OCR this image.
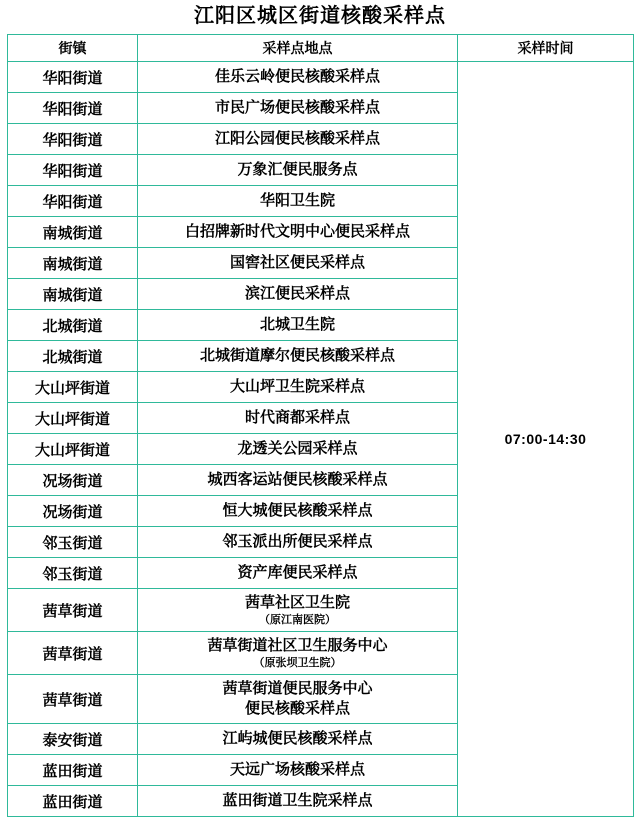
江阳区城区街道核酸采样点
街镇	采样点地点	采样时间
华阳街道	佳乐云岭便民核酸采样点	07:00-14:30
华阳街道	市民广场便民核酸采样点	

华阳街道	江阳公园便民核酸采样点	

华阳街道	万象汇便民服务点	

华阳街道	华阳卫生院	

南城街道	白招牌新时代文明中心便民采样点	

南城街道	国窖社区便民采样点	

南城街道	滨江便民采样点	

北城街道	北城卫生院	

北城街道	北城街道摩尔便民核酸采样点	

大山坪街道	大山坪卫生院采样点	

大山坪街道	时代商都采样点	

大山坪街道	龙透关公园采样点	

况场街道	城西客运站便民核酸采样点	

况场街道	恒大城便民核酸采样点	

邻玉街道	邻玉派出所便民采样点	

邻玉街道	资产库便民采样点	

茜草街道	茜草社区卫生院
（原江南医院）	

茜草街道	茜草街道社区卫生服务中心
（原张坝卫生院）	

茜草街道	茜草街道便民服务中心
便民核酸采样点	

泰安街道	江屿城便民核酸采样点	

蓝田街道	天远广场核酸采样点	

蓝田街道	蓝田街道卫生院采样点	
